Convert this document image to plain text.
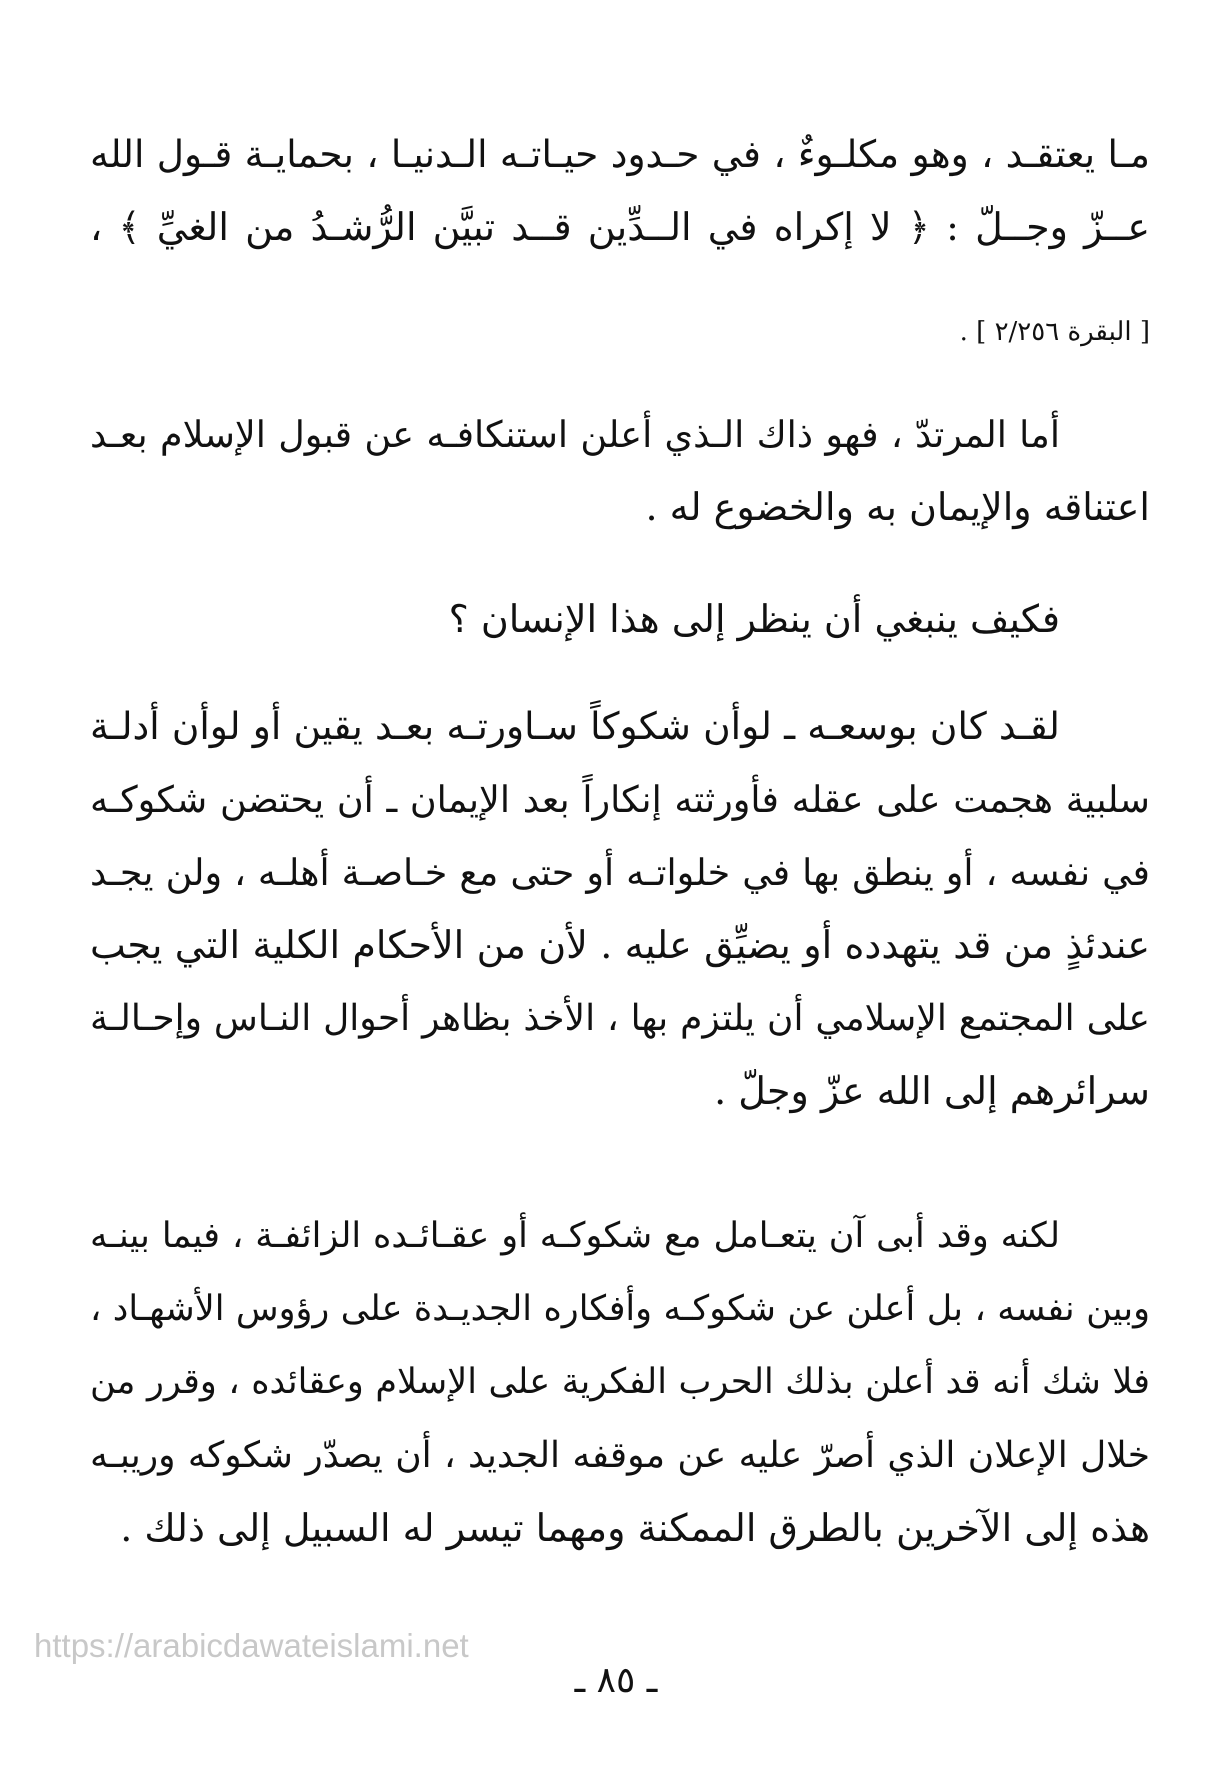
مـا يعتقـد ، وهو مكلـوءٌ ، في حـدود حيـاتـه الـدنيـا ، بحمايـة قـول الله
عــزّ وجــلّ : ﴿ لا إكراه في الــدِّين قــد تبيَّن الرُّشـدُ من الغيِّ ﴾ ،
[ البقرة ٢/٢٥٦ ] .
أما المرتدّ ، فهو ذاك الـذي أعلن استنكافـه عن قبول الإسلام بعـد
اعتناقه والإيمان به والخضوع له .
فكيف ينبغي أن ينظر إلى هذا الإنسان ؟
لقـد كان بوسعـه ـ لوأن شكوكاً سـاورتـه بعـد يقين أو لوأن أدلـة
سلبية هجمت على عقله فأورثته إنكاراً بعد الإيمان ـ أن يحتضن شكوكـه
في نفسه ، أو ينطق بها في خلواتـه أو حتى مع خـاصـة أهلـه ، ولن يجـد
عندئذٍ من قد يتهدده أو يضيِّق عليه . لأن من الأحكام الكلية التي يجب
على المجتمع الإسلامي أن يلتزم بها ، الأخذ بظاهر أحوال النـاس وإحـالـة
سرائرهم إلى الله عزّ وجلّ .
لكنه وقد أبى آن يتعـامل مع شكوكـه أو عقـائـده الزائفـة ، فيما بينـه
وبين نفسه ، بل أعلن عن شكوكـه وأفكاره الجديـدة على رؤوس الأشهـاد ،
فلا شك أنه قد أعلن بذلك الحرب الفكرية على الإسلام وعقائده ، وقرر من
خلال الإعلان الذي أصرّ عليه عن موقفه الجديد ، أن يصدّر شكوكه وريبـه
هذه إلى الآخرين بالطرق الممكنة ومهما تيسر له السبيل إلى ذلك .
https://arabicdawateislami.net
ـ ٨٥ ـ
